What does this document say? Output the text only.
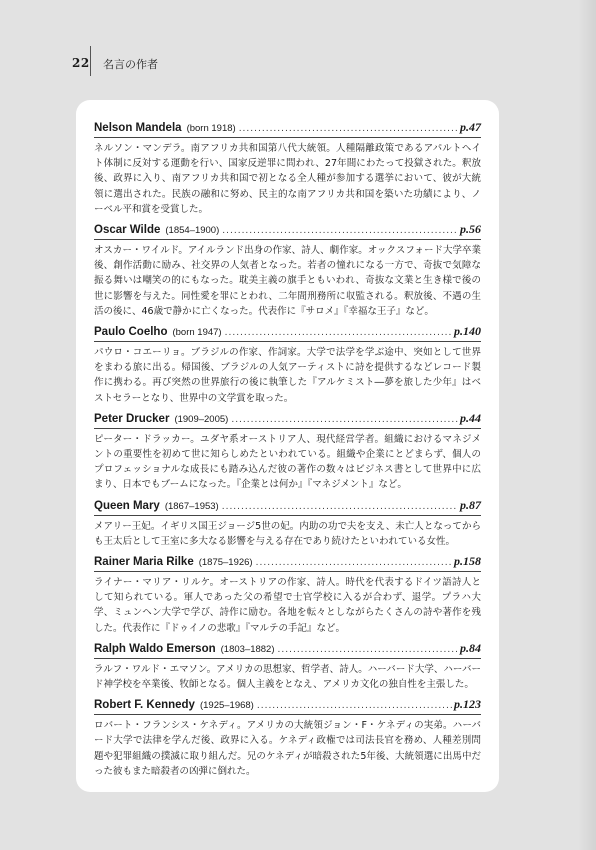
22 名言の作者
Nelson Mandela (born 1918) .....	p.47

ネルソン・マンデラ。南アフリカ共和国第八代大統領。人種隔離政策であるアパルトヘイト体制に反対する運動を行い、国家反逆罪に問われ、27年間にわたって投獄された。釈放後、政界に入り、南アフリカ共和国で初となる全人種が参加する選挙において、彼が大統領に選出された。民族の融和に努め、民主的な南アフリカ共和国を築いた功績により、ノーベル平和賞を受賞した。

Oscar Wilde (1854–1900) .....	p.56

オスカー・ワイルド。アイルランド出身の作家、詩人、劇作家。オックスフォード大学卒業後、創作活動に励み、社交界の人気者となった。若者の憧れになる一方で、奇抜で気障な振る舞いは嘲笑の的にもなった。耽美主義の旗手ともいわれ、奇抜な文業と生き様で後の世に影響を与えた。同性愛を罪にとわれ、二年間刑務所に収監される。釈放後、不遇の生活の後に、46歳で静かに亡くなった。代表作に『サロメ』『幸福な王子』など。

Paulo Coelho (born 1947) .....	p.140

パウロ・コエーリョ。ブラジルの作家、作詞家。大学で法学を学ぶ途中、突如として世界をまわる旅に出る。帰国後、ブラジルの人気アーティストに詩を提供するなどレコード製作に携わる。再び突然の世界旅行の後に執筆した『アルケミスト―夢を旅した少年』はベストセラーとなり、世界中の文学賞を取った。

Peter Drucker (1909–2005) .....	p.44

ピーター・ドラッカー。ユダヤ系オーストリア人、現代経営学者。組織におけるマネジメントの重要性を初めて世に知らしめたといわれている。組織や企業にとどまらず、個人のプロフェッショナルな成長にも踏み込んだ彼の著作の数々はビジネス書として世界中に広まり、日本でもブームになった。『企業とは何か』『マネジメント』など。

Queen Mary (1867–1953) .....	p.87

メアリー王妃。イギリス国王ジョージ5世の妃。内助の功で夫を支え、未亡人となってからも王太后として王室に多大なる影響を与える存在であり続けたといわれている女性。

Rainer Maria Rilke (1875–1926) .....	p.158

ライナー・マリア・リルケ。オーストリアの作家、詩人。時代を代表するドイツ語詩人として知られている。軍人であった父の希望で士官学校に入るが合わず、退学。プラハ大学、ミュンヘン大学で学び、詩作に励む。各地を転々としながらたくさんの詩や著作を残した。代表作に『ドゥイノの悲歌』『マルテの手記』など。

Ralph Waldo Emerson (1803–1882) .....	p.84

ラルフ・ワルド・エマソン。アメリカの思想家、哲学者、詩人。ハーバード大学、ハーバード神学校を卒業後、牧師となる。個人主義をとなえ、アメリカ文化の独自性を主張した。

Robert F. Kennedy (1925–1968) .....	p.123

ロバート・フランシス・ケネディ。アメリカの大統領ジョン・F・ケネディの実弟。ハーバード大学で法律を学んだ後、政界に入る。ケネディ政権では司法長官を務め、人種差別問題や犯罪組織の撲滅に取り組んだ。兄のケネディが暗殺された5年後、大統領選に出馬中だった彼もまた暗殺者の凶弾に倒れた。
